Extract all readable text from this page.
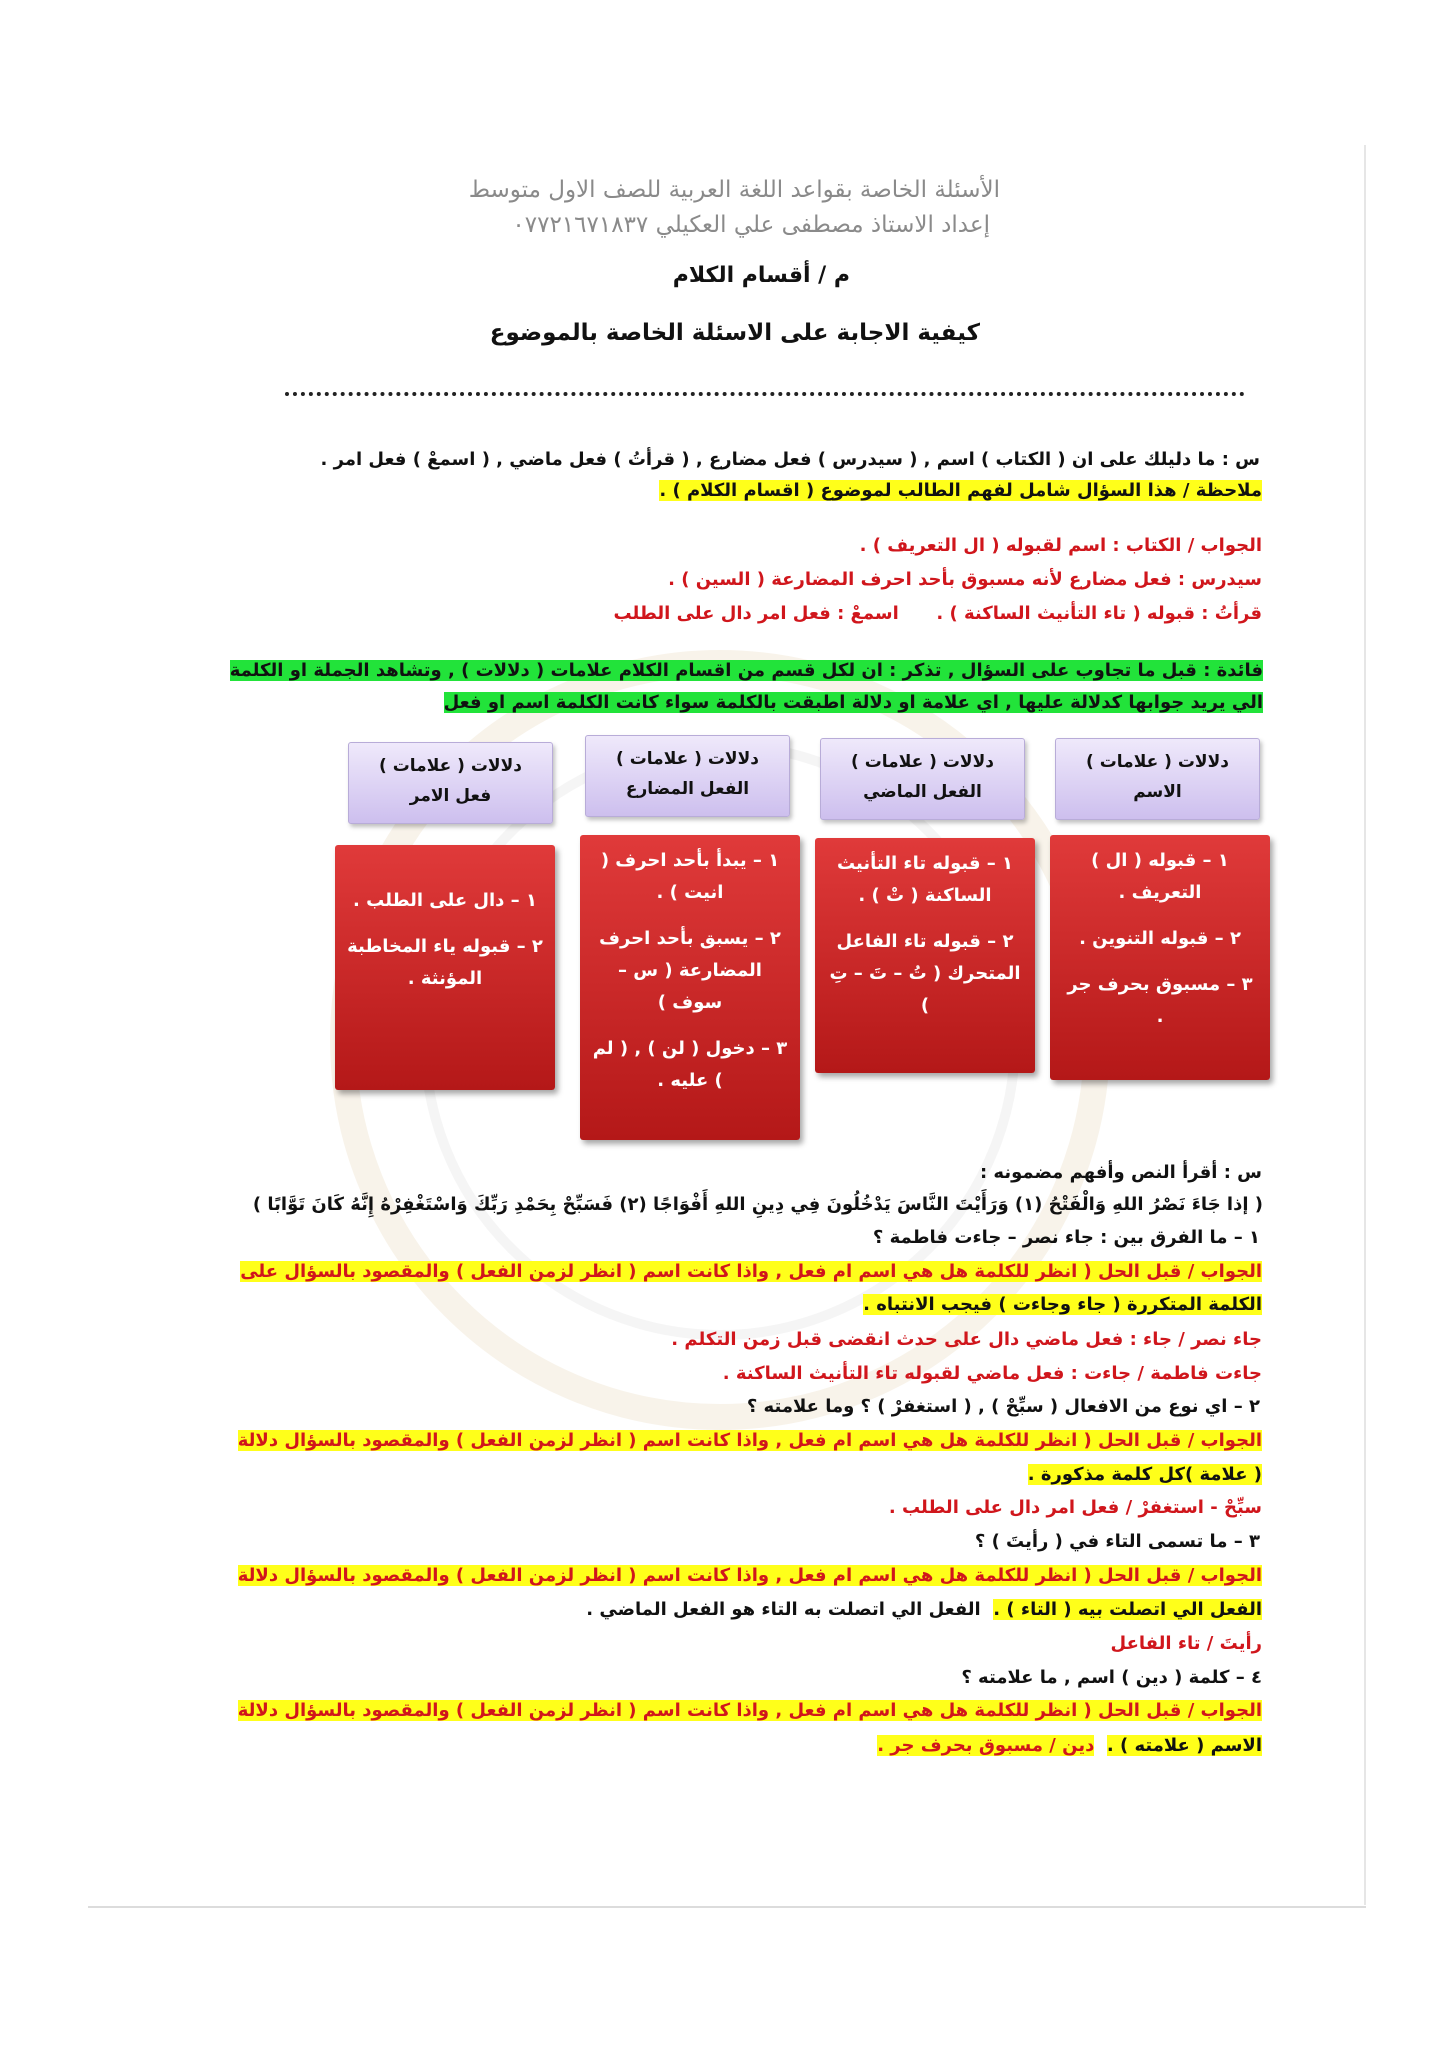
الأسئلة الخاصة بقواعد اللغة العربية للصف الاول متوسط
إعداد الاستاذ مصطفى علي العكيلي ٠٧٧٢١٦٧١٨٣٧
م / أقسام الكلام
كيفية الاجابة على الاسئلة الخاصة بالموضوع
س : ما دليلك على ان ( الكتاب ) اسم , ( سيدرس ) فعل مضارع , ( قرأتُ ) فعل ماضي , ( اسمعْ ) فعل امر .
ملاحظة / هذا السؤال شامل لفهم الطالب لموضوع ( اقسام الكلام ) .
الجواب / الكتاب : اسم لقبوله ( ال التعريف ) .
سيدرس : فعل مضارع لأنه مسبوق بأحد احرف المضارعة ( السين ) .
قرأتُ : قبوله ( تاء التأنيث الساكنة ) .      اسمعْ : فعل امر دال على الطلب
فائدة : قبل ما تجاوب على السؤال , تذكر : ان لكل قسم من اقسام الكلام علامات ( دلالات ) , وتشاهد الجملة او الكلمة
الي يريد جوابها كدلالة عليها , اي علامة او دلالة اطبقت بالكلمة سواء كانت الكلمة اسم او فعل
دلالات ( علامات )
الاسم
دلالات ( علامات )
الفعل الماضي
دلالات ( علامات )
الفعل المضارع
دلالات ( علامات )
فعل الامر

١ – قبوله ( ال ) التعريف .

٢ – قبوله التنوين .

٣ – مسبوق بحرف جر .

١ – قبوله تاء التأنيث الساكنة ( تْ ) .

٢ – قبوله تاء الفاعل المتحرك ( تُ – تَ – تِ )

١ – يبدأ بأحد احرف ( انيت ) .

٢ – يسبق بأحد احرف المضارعة ( س – سوف )

٣ – دخول ( لن ) , ( لم ) عليه .

١ – دال على الطلب .

٢ – قبوله ياء المخاطبة المؤنثة .

س : أقرأ النص وأفهم مضمونه :
( إذا جَاءَ نَصْرُ اللهِ وَالْفَتْحُ (١) وَرَأَيْتَ النَّاسَ يَدْخُلُونَ فِي دِينِ اللهِ أَفْوَاجًا (٢) فَسَبِّحْ بِحَمْدِ رَبِّكَ وَاسْتَغْفِرْهُ إِنَّهُ كَانَ تَوَّابًا )
١ – ما الفرق بين : جاء نصر – جاءت فاطمة ؟
الجواب / قبل الحل ( انظر للكلمة هل هي اسم ام فعل , واذا كانت اسم ( انظر لزمن الفعل ) والمقصود بالسؤال على
الكلمة المتكررة ( جاء وجاءت ) فيجب الانتباه .
جاء نصر / جاء : فعل ماضي دال على حدث انقضى قبل زمن التكلم .
جاءت فاطمة / جاءت : فعل ماضي لقبوله تاء التأنيث الساكنة .
٢ – اي نوع من الافعال ( سبِّحْ ) , ( استغفرْ ) ؟ وما علامته ؟
الجواب / قبل الحل ( انظر للكلمة هل هي اسم ام فعل , واذا كانت اسم ( انظر لزمن الفعل ) والمقصود بالسؤال دلالة
( علامة )كل كلمة مذكورة .
سبِّحْ - استغفرْ / فعل امر دال على الطلب .
٣ – ما تسمى التاء في ( رأيتَ ) ؟
الجواب / قبل الحل ( انظر للكلمة هل هي اسم ام فعل , واذا كانت اسم ( انظر لزمن الفعل ) والمقصود بالسؤال دلالة
الفعل الي اتصلت بيه ( التاء ) .  الفعل الي اتصلت به التاء هو الفعل الماضي .
رأيتَ / تاء الفاعل
٤ – كلمة ( دين ) اسم , ما علامته ؟
الجواب / قبل الحل ( انظر للكلمة هل هي اسم ام فعل , واذا كانت اسم ( انظر لزمن الفعل ) والمقصود بالسؤال دلالة
الاسم ( علامته ) .  دين / مسبوق بحرف جر .
